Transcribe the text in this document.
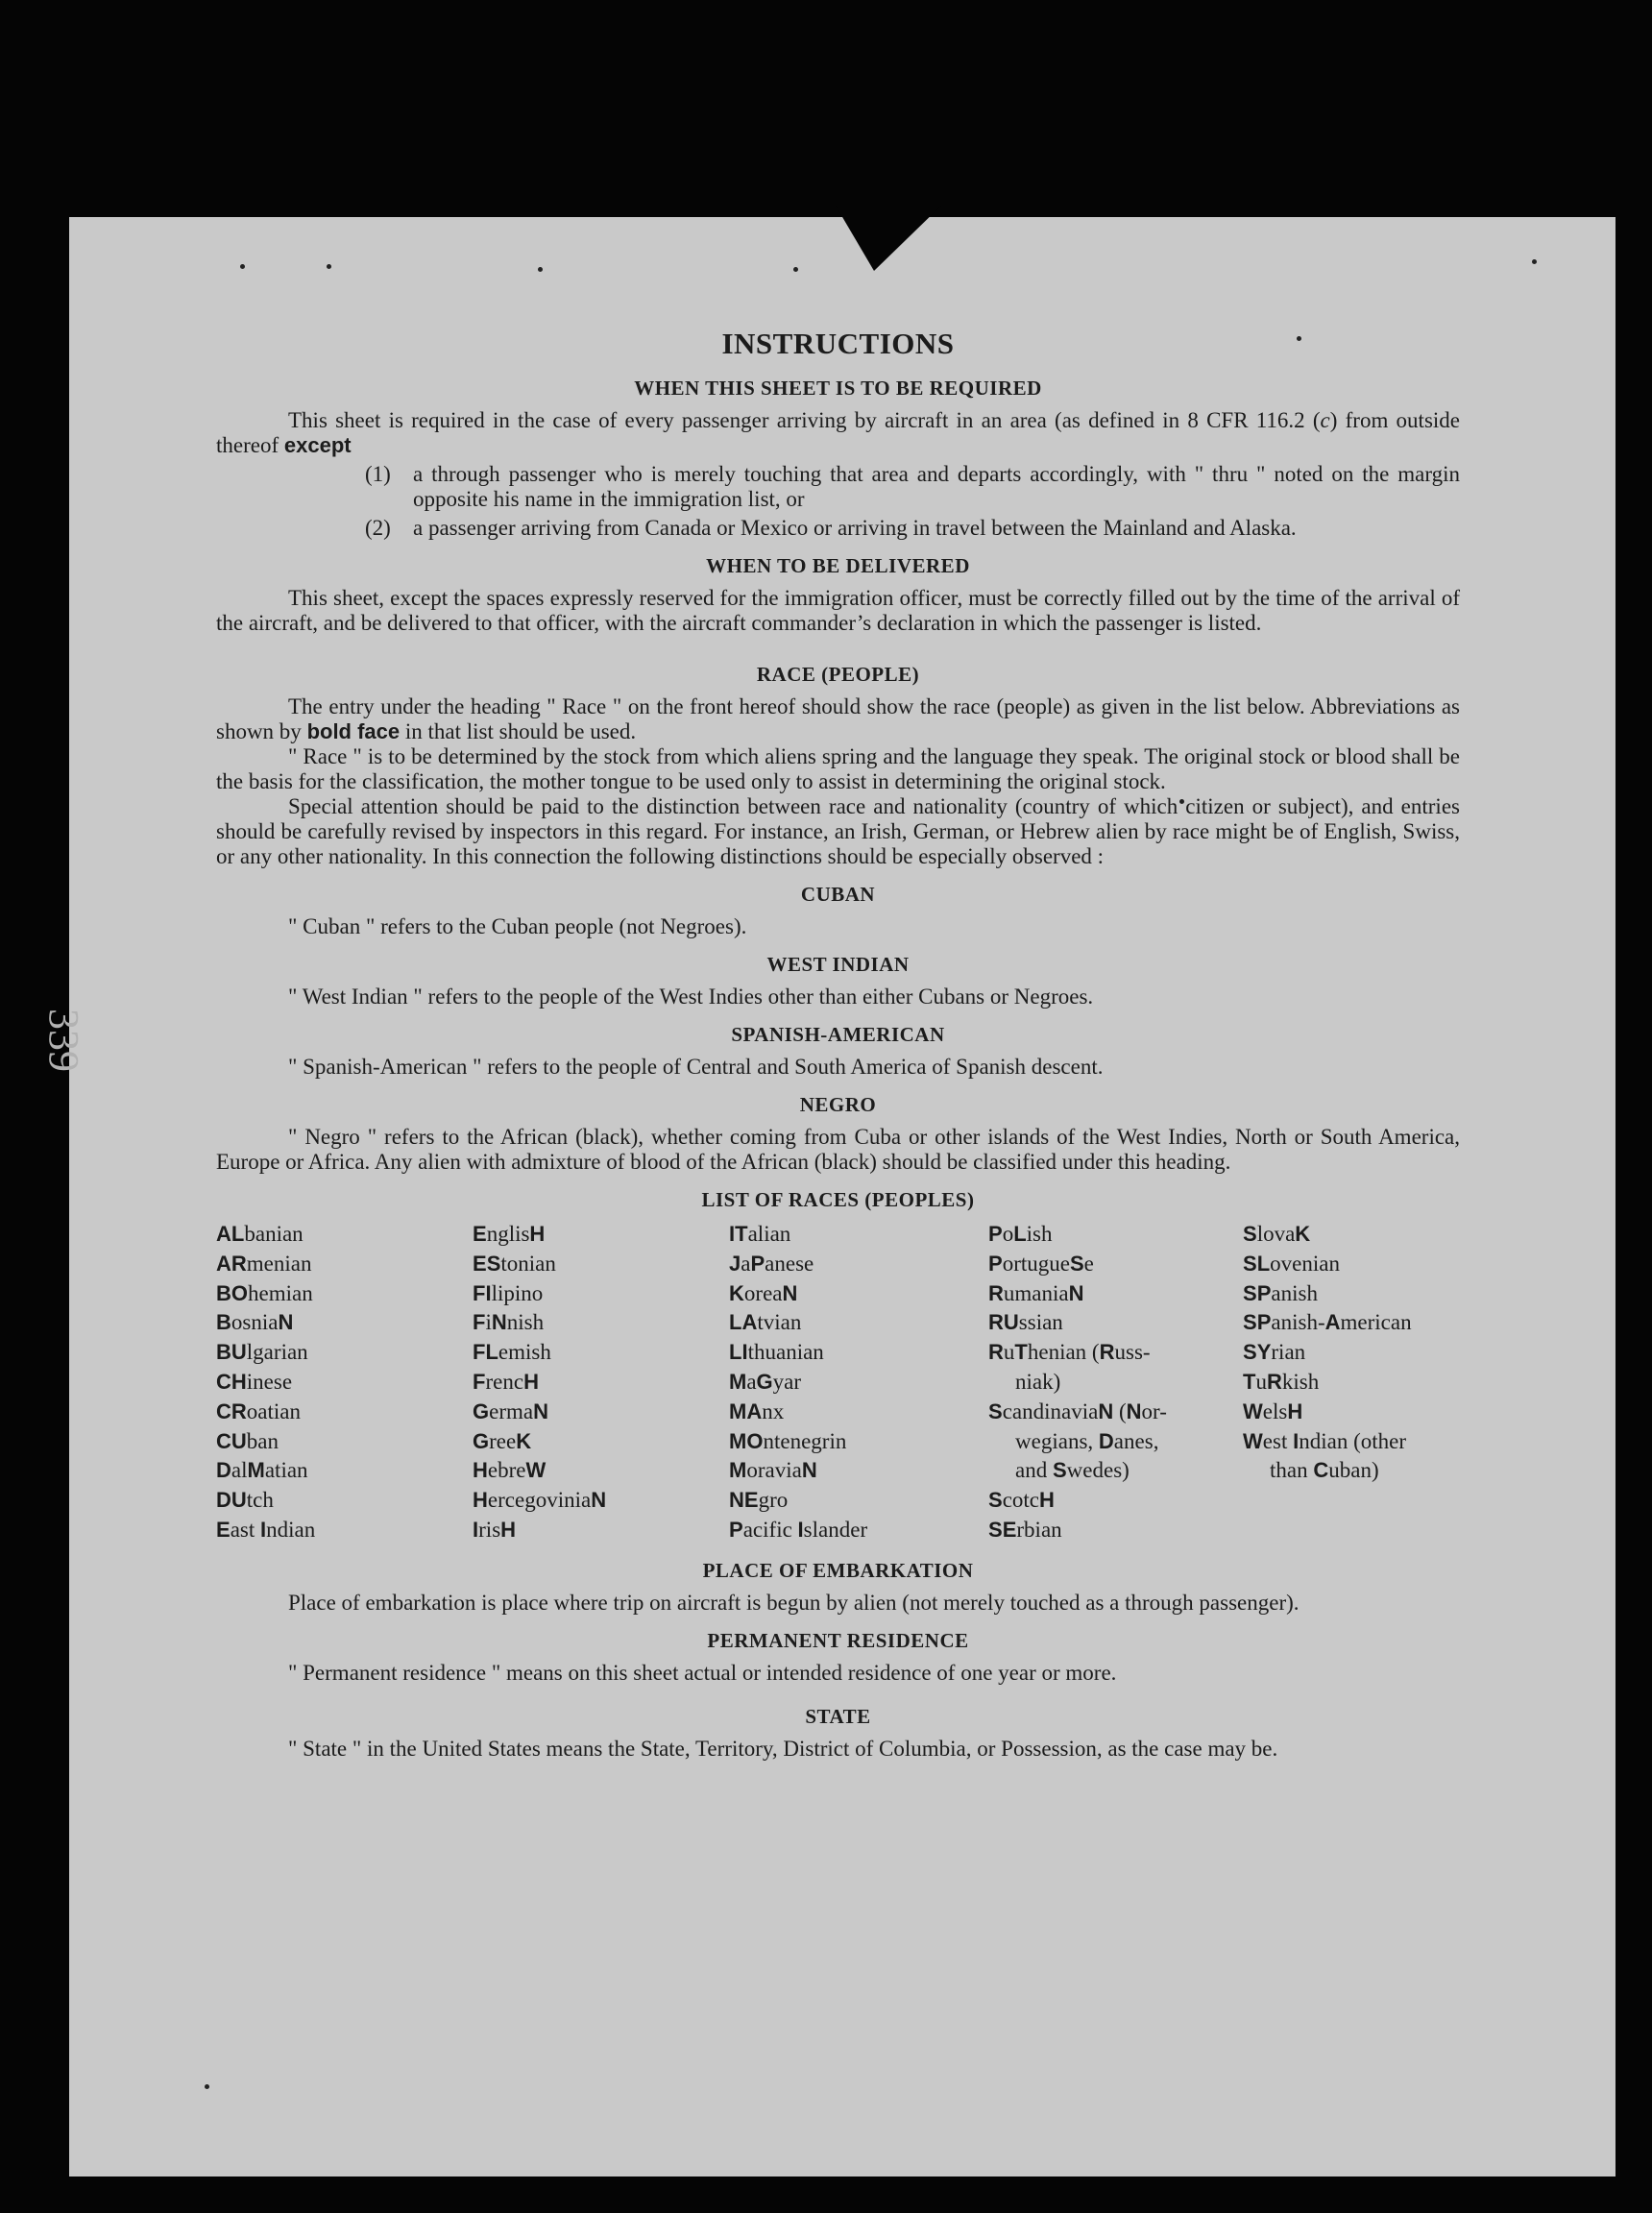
339
INSTRUCTIONS
WHEN THIS SHEET IS TO BE REQUIRED

This sheet is required in the case of every passenger arriving by aircraft in an area (as defined in 8 CFR 116.2 (c) from outside thereof except

(1)	a through passenger who is merely touching that area and departs accordingly, with " thru " noted on the margin opposite his name in the immigration list, or
(2)	a passenger arriving from Canada or Mexico or arriving in travel between the Mainland and Alaska.
WHEN TO BE DELIVERED

This sheet, except the spaces expressly reserved for the immigration officer, must be correctly filled out by the time of the arrival of the aircraft, and be delivered to that officer, with the aircraft commander’s declaration in which the passenger is listed.

RACE (PEOPLE)

The entry under the heading " Race " on the front hereof should show the race (people) as given in the list below. Abbreviations as shown by bold face in that list should be used.

" Race " is to be determined by the stock from which aliens spring and the language they speak. The original stock or blood shall be the basis for the classification, the mother tongue to be used only to assist in determining the original stock.

Special attention should be paid to the distinction between race and nationality (country of which citizen or subject), and entries should be carefully revised by inspectors in this regard. For instance, an Irish, German, or Hebrew alien by race might be of English, Swiss, or any other nationality. In this connection the following distinctions should be especially observed :

CUBAN

" Cuban " refers to the Cuban people (not Negroes).

WEST INDIAN

" West Indian " refers to the people of the West Indies other than either Cubans or Negroes.

SPANISH-AMERICAN

" Spanish-American " refers to the people of Central and South America of Spanish descent.

NEGRO

" Negro " refers to the African (black), whether coming from Cuba or other islands of the West Indies, North or South America, Europe or Africa. Any alien with admixture of blood of the African (black) should be classified under this heading.

LIST OF RACES (PEOPLES)
ALbanian
ARmenian
BOhemian
BosniaN
BUlgarian
CHinese
CRoatian
CUban
DalMatian
DUtch
East Indian
EnglisH
EStonian
FIlipino
FiNnish
FLemish
FrencH
GermaN
GreeK
HebreW
HercegoviniaN
IrisH
ITalian
JaPanese
KoreaN
LAtvian
LIthuanian
MaGyar
MAnx
MOntenegrin
MoraviaN
NEgro
Pacific Islander
PoLish
PortugueSe
RumaniaN
RUssian
RuThenian (Russ-
niak)
ScandinaviaN (Nor-
wegians, Danes,
and Swedes)
ScotcH
SErbian
SlovaK
SLovenian
SPanish
SPanish-American
SYrian
TuRkish
WelsH
West Indian (other
than Cuban)
PLACE OF EMBARKATION

Place of embarkation is place where trip on aircraft is begun by alien (not merely touched as a through passenger).

PERMANENT RESIDENCE

" Permanent residence " means on this sheet actual or intended residence of one year or more.

STATE

" State " in the United States means the State, Territory, District of Columbia, or Possession, as the case may be.
